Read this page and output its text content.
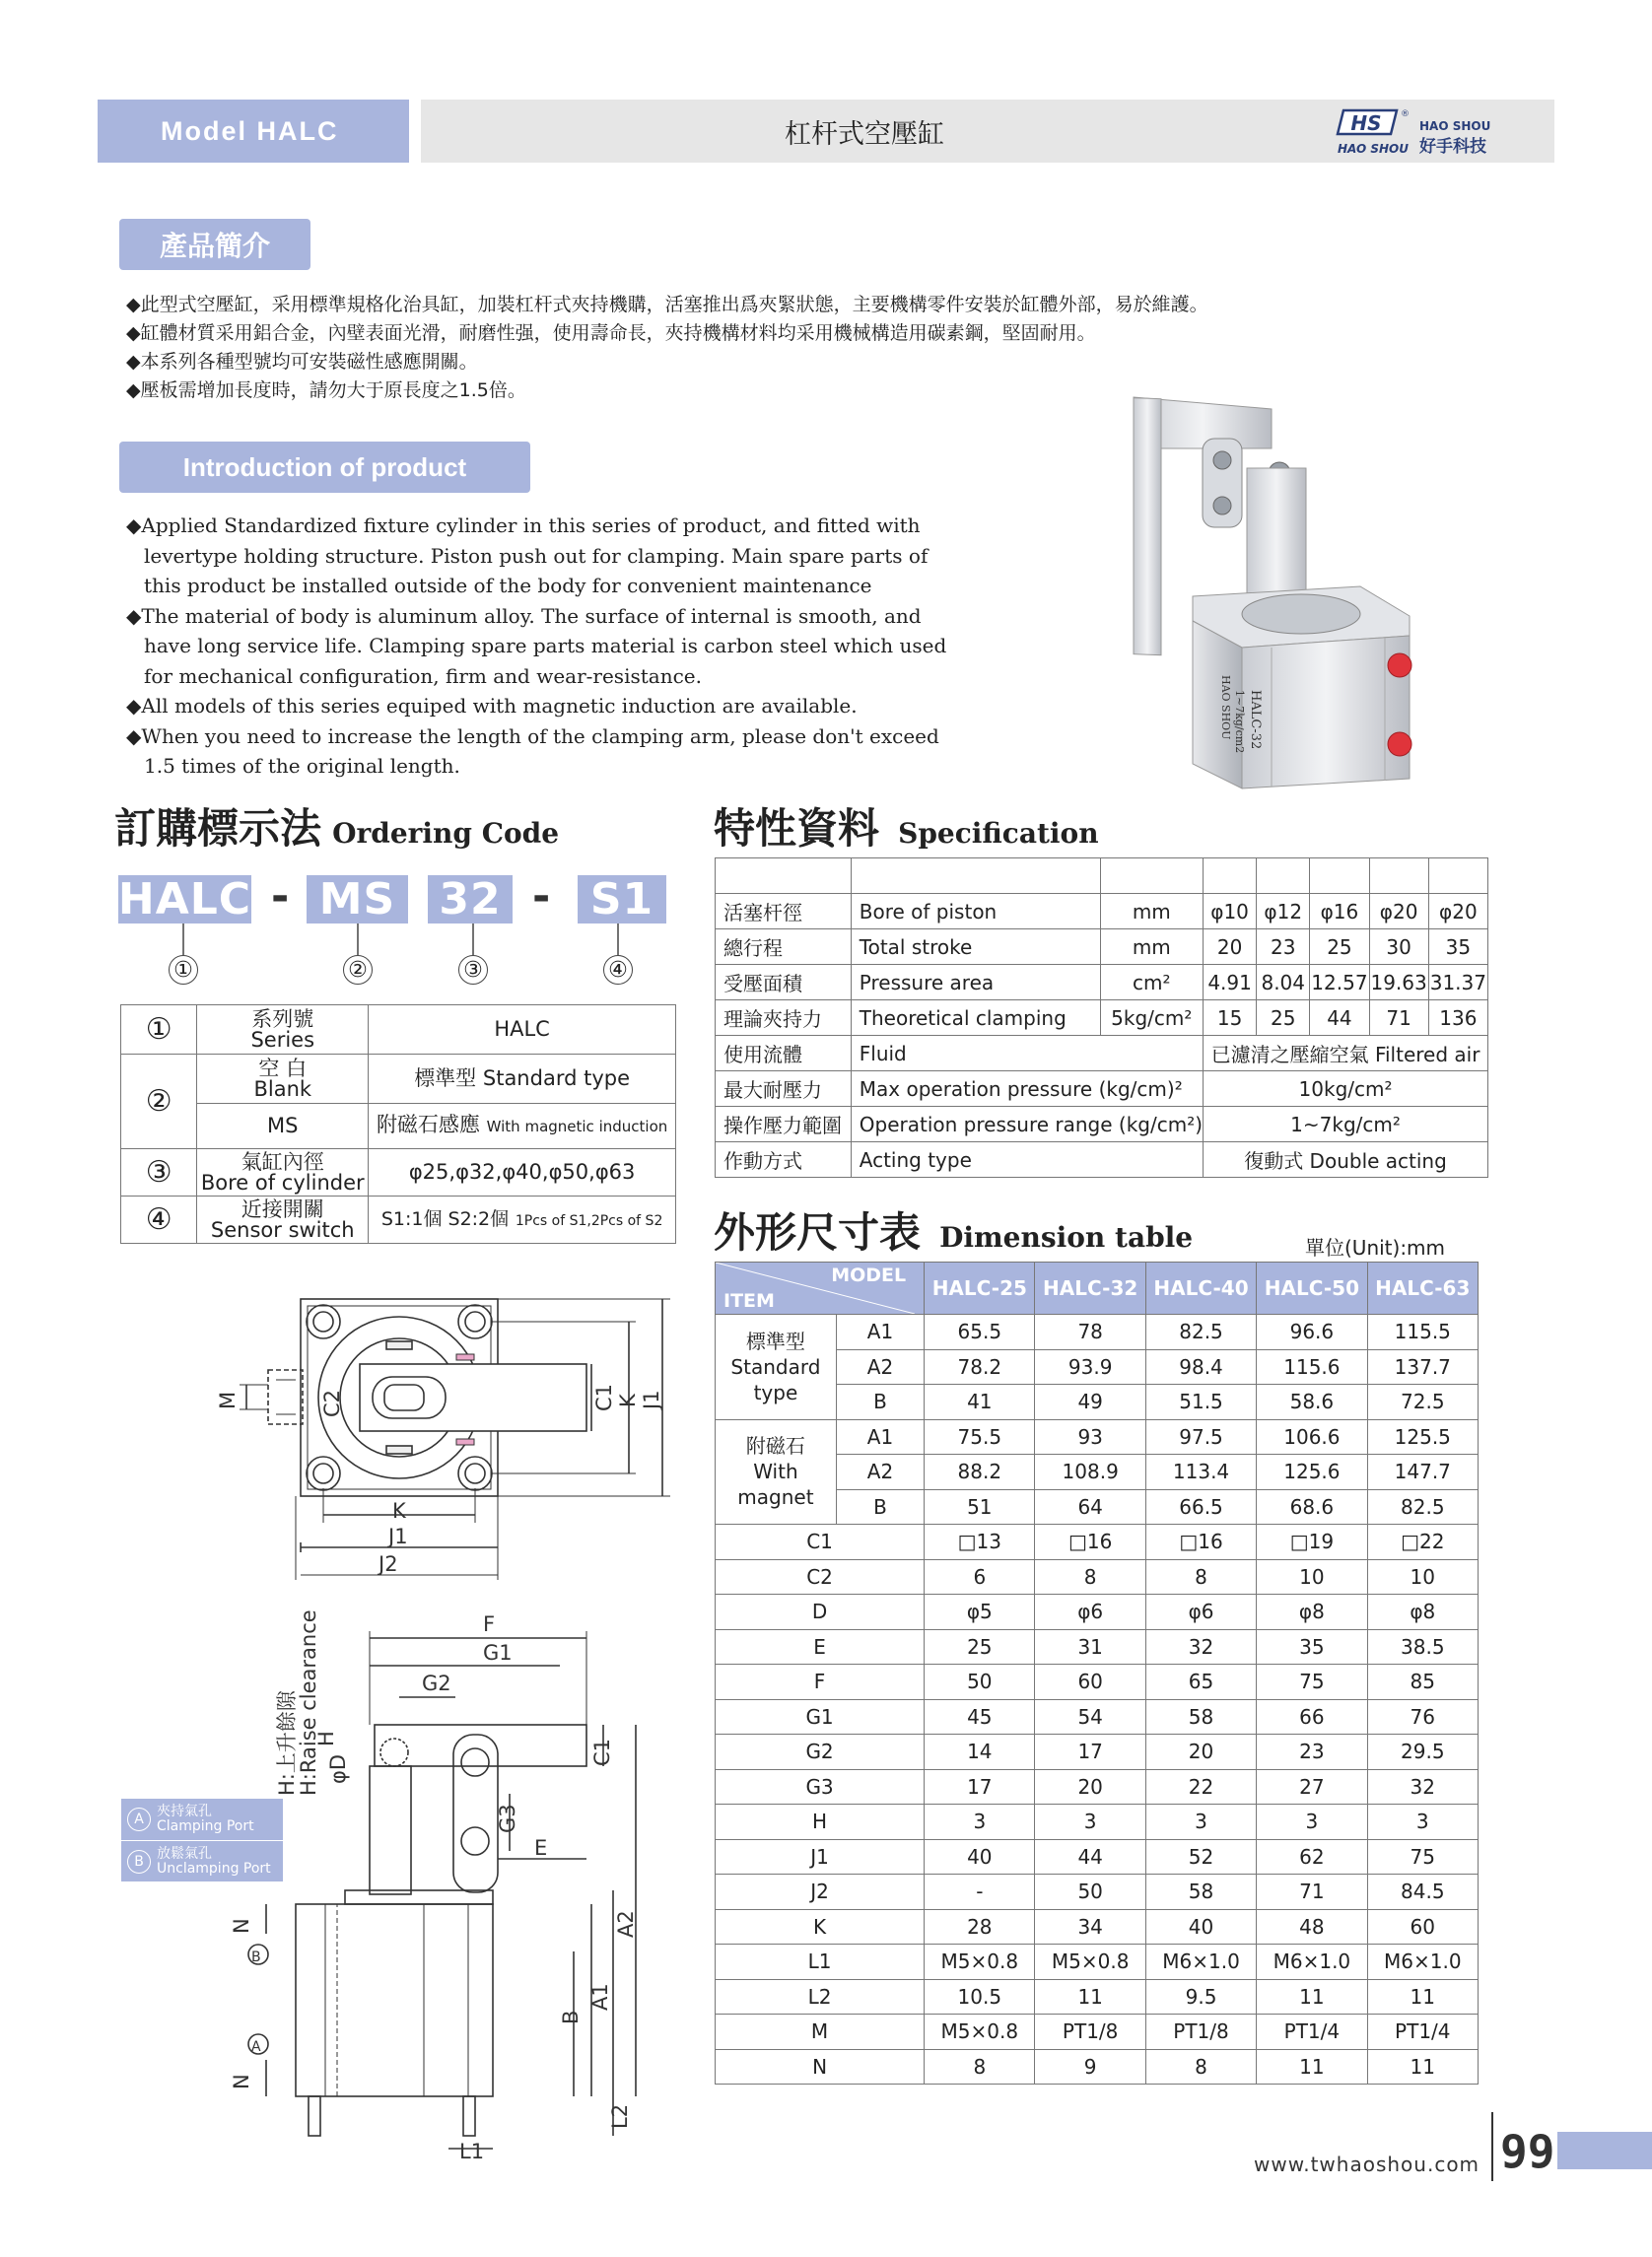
Model HALC	杠杆式空壓缸	HS ®
HAO SHOU
HAO SHOU
好手科技
產品簡介
◆此型式空壓缸，采用標準規格化治具缸，加裝杠杆式夾持機購，活塞推出爲夾緊狀態，主要機構零件安裝於缸體外部，易於維護。
◆缸體材質采用鋁合金，內壁表面光滑，耐磨性强，使用壽命長，夾持機構材料均采用機械構造用碳素鋼，堅固耐用。
◆本系列各種型號均可安裝磁性感應開關。
◆壓板需增加長度時，請勿大于原長度之1.5倍。
Introduction of product
◆Applied Standardized fixture cylinder in this series of product, and fitted with
levertype holding structure. Piston push out for clamping. Main spare parts of
this product be installed outside of the body for convenient maintenance
◆The material of body is aluminum alloy. The surface of internal is smooth, and
have long service life. Clamping spare parts material is carbon steel which used
for mechanical configuration, firm and wear-resistance.
◆All models of this series equiped with magnetic induction are available.
◆When you need to increase the length of the clamping arm, please don't exceed
1.5 times of the original length.
HAO SHOU HALC-32
1~7kg/cm2
訂購標示法 Ordering Code
HALC - MS 32 - S1
①	②	③	④
①	系列號
Series	HALC
②	空 白
Blank	標準型 Standard type
	MS	附磁石感應 With magnetic induction
③	氣缸內徑
Bore of cylinder	φ25,φ32,φ40,φ50,φ63
④	近接開關
Sensor switch	S1:1個 S2:2個 1Pcs of S1,2Pcs of S2
特性資料 Specification
氣缸內徑	Bore of cylinder	mm	φ25	φ32	φ40	φ50	φ63
活塞杆徑	Bore of piston	mm	φ10	φ12	φ16	φ20	φ20
總行程	Total stroke	mm	20	23	25	30	35
受壓面積	Pressure area	cm²	4.91	8.04	12.57	19.63	31.37
理論夾持力	Theoretical clamping	5kg/cm²	15	25	44	71	136
使用流體	Fluid		已濾清之壓縮空氣 Filtered air				
最大耐壓力	Max operation pressure (kg/cm)²		10kg/cm²				
操作壓力範圍	Operation pressure range (kg/cm²)		1~7kg/cm²				
作動方式	Acting type		復動式 Double acting				
外形尺寸表 Dimension table	單位(Unit):mm
MODEL
ITEM		HALC-25	HALC-32	HALC-40	HALC-50	HALC-63

標準型
Standard
type	A1	65.5	78	82.5	96.6	115.5
	A2	78.2	93.9	98.4	115.6	137.7
	B	41	49	51.5	58.6	72.5

附磁石
With
magnet	A1	75.5	93	97.5	106.6	125.5
	A2	88.2	108.9	113.4	125.6	147.7
	B	51	64	66.5	68.6	82.5
C1		□13	□16	□16	□19	□22
C2		6	8	8	10	10
D		φ5	φ6	φ6	φ8	φ8
E		25	31	32	35	38.5
F		50	60	65	75	85
G1		45	54	58	66	76
G2		14	17	20	23	29.5
G3		17	20	22	27	32
H		3	3	3	3	3
J1		40	44	52	62	75
J2		-	50	58	71	84.5
K		28	34	40	48	60
L1		M5×0.8	M5×0.8	M6×1.0	M6×1.0	M6×1.0
L2		10.5	11	9.5	11	11
M		M5×0.8	PT1/8	PT1/8	PT1/4	PT1/4
N		8	9	8	11	11
M	C2	C1 K J1
K
J1
J2
F
G1
G2
H
φD
C1
G3
E
A1
A2
B
N
N
L2
L1
H:上升餘隙
H:Raise clearance
B
A
A 夾持氣孔
Clamping Port
B 放鬆氣孔
Unclamping Port
www.twhaoshou.com 99
